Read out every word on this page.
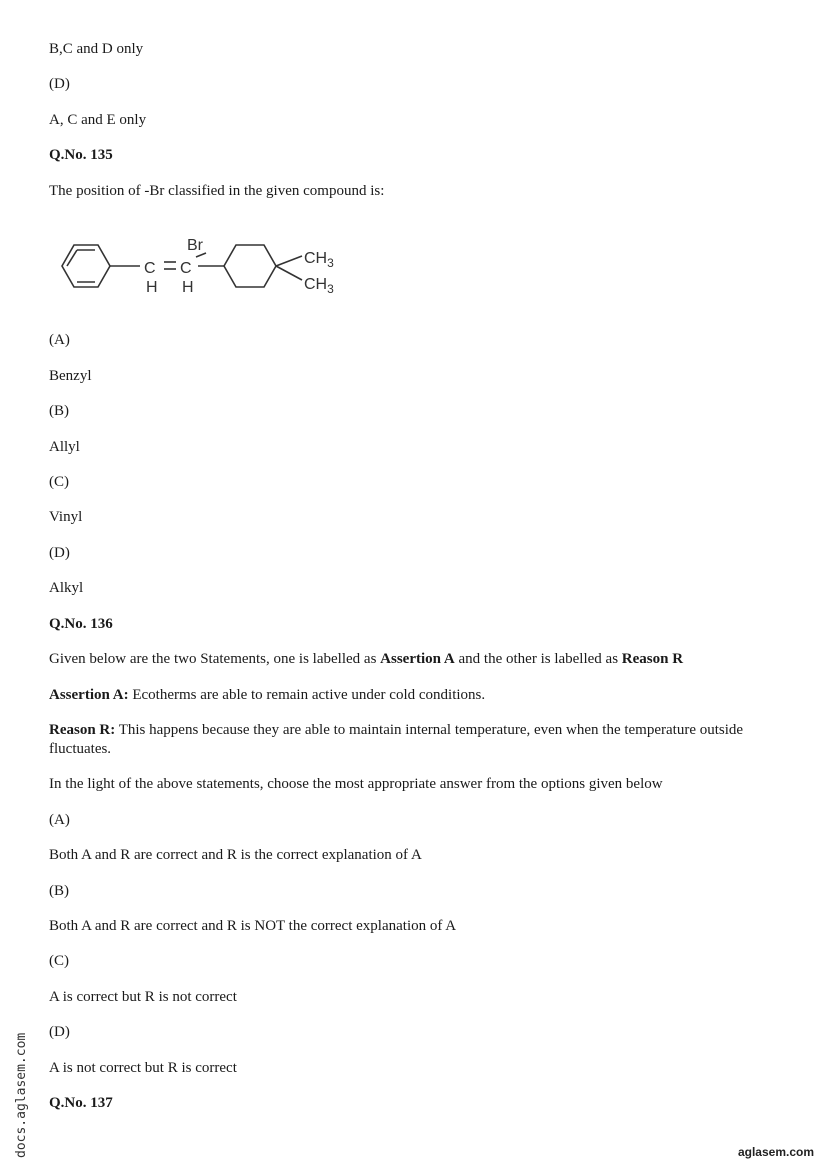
B,C and D only
(D)
A, C and E only
Q.No. 135
The position of -Br classified in the given compound is:
C C
H H
Br
$CH_3$
$CH_3$
(A)
Benzyl
(B)
Allyl
(C)
Vinyl
(D)
Alkyl
Q.No. 136
Given below are the two Statements, one is labelled as Assertion A and the other is labelled as Reason R
Assertion A: Ecotherms are able to remain active under cold conditions.
Reason R: This happens because they are able to maintain internal temperature, even when the temperature outside fluctuates.
In the light of the above statements, choose the most appropriate answer from the options given below
(A)
Both A and R are correct and R is the correct explanation of A
(B)
Both A and R are correct and R is NOT the correct explanation of A
(C)
A is correct but R is not correct
(D)
A is not correct but R is correct
Q.No. 137
docs.aglasem.com	aglasem.com
